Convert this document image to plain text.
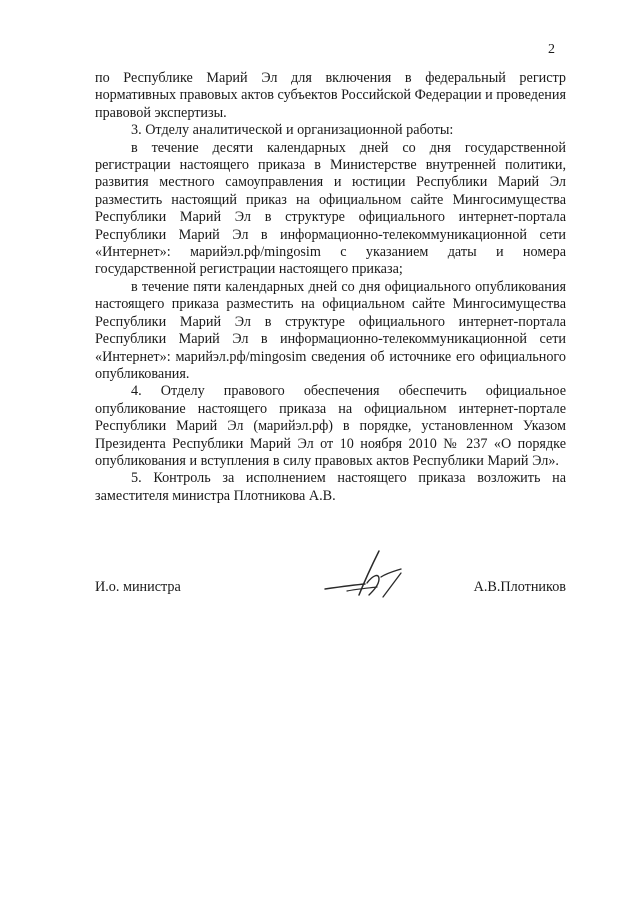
2

по Республике Марий Эл для включения в федеральный регистр нормативных правовых актов субъектов Российской Федерации и проведения правовой экспертизы.

3. Отделу аналитической и организационной работы:

в течение десяти календарных дней со дня государственной регистрации настоящего приказа в Министерстве внутренней политики, развития местного самоуправления и юстиции Республики Марий Эл разместить настоящий приказ на официальном сайте Мингосимущества Республики Марий Эл в структуре официального интернет-портала Республики Марий Эл в информационно-телекоммуникационной сети «Интернет»: марийэл.рф/mingosim с указанием даты и номера государственной регистрации настоящего приказа;

в течение пяти календарных дней со дня официального опубликования настоящего приказа разместить на официальном сайте Мингосимущества Республики Марий Эл в структуре официального интернет-портала Республики Марий Эл в информационно-телекоммуникационной сети «Интернет»: марийэл.рф/mingosim сведения об источнике его официального опубликования.

4. Отделу правового обеспечения обеспечить официальное опубликование настоящего приказа на официальном интернет-портале Республики Марий Эл (марийэл.рф) в порядке, установленном Указом Президента Республики Марий Эл от 10 ноября 2010 № 237 «О порядке опубликования и вступления в силу правовых актов Республики Марий Эл».

5. Контроль за исполнением настоящего приказа возложить на заместителя министра Плотникова А.В.

И.о. министра	А.В.Плотников
